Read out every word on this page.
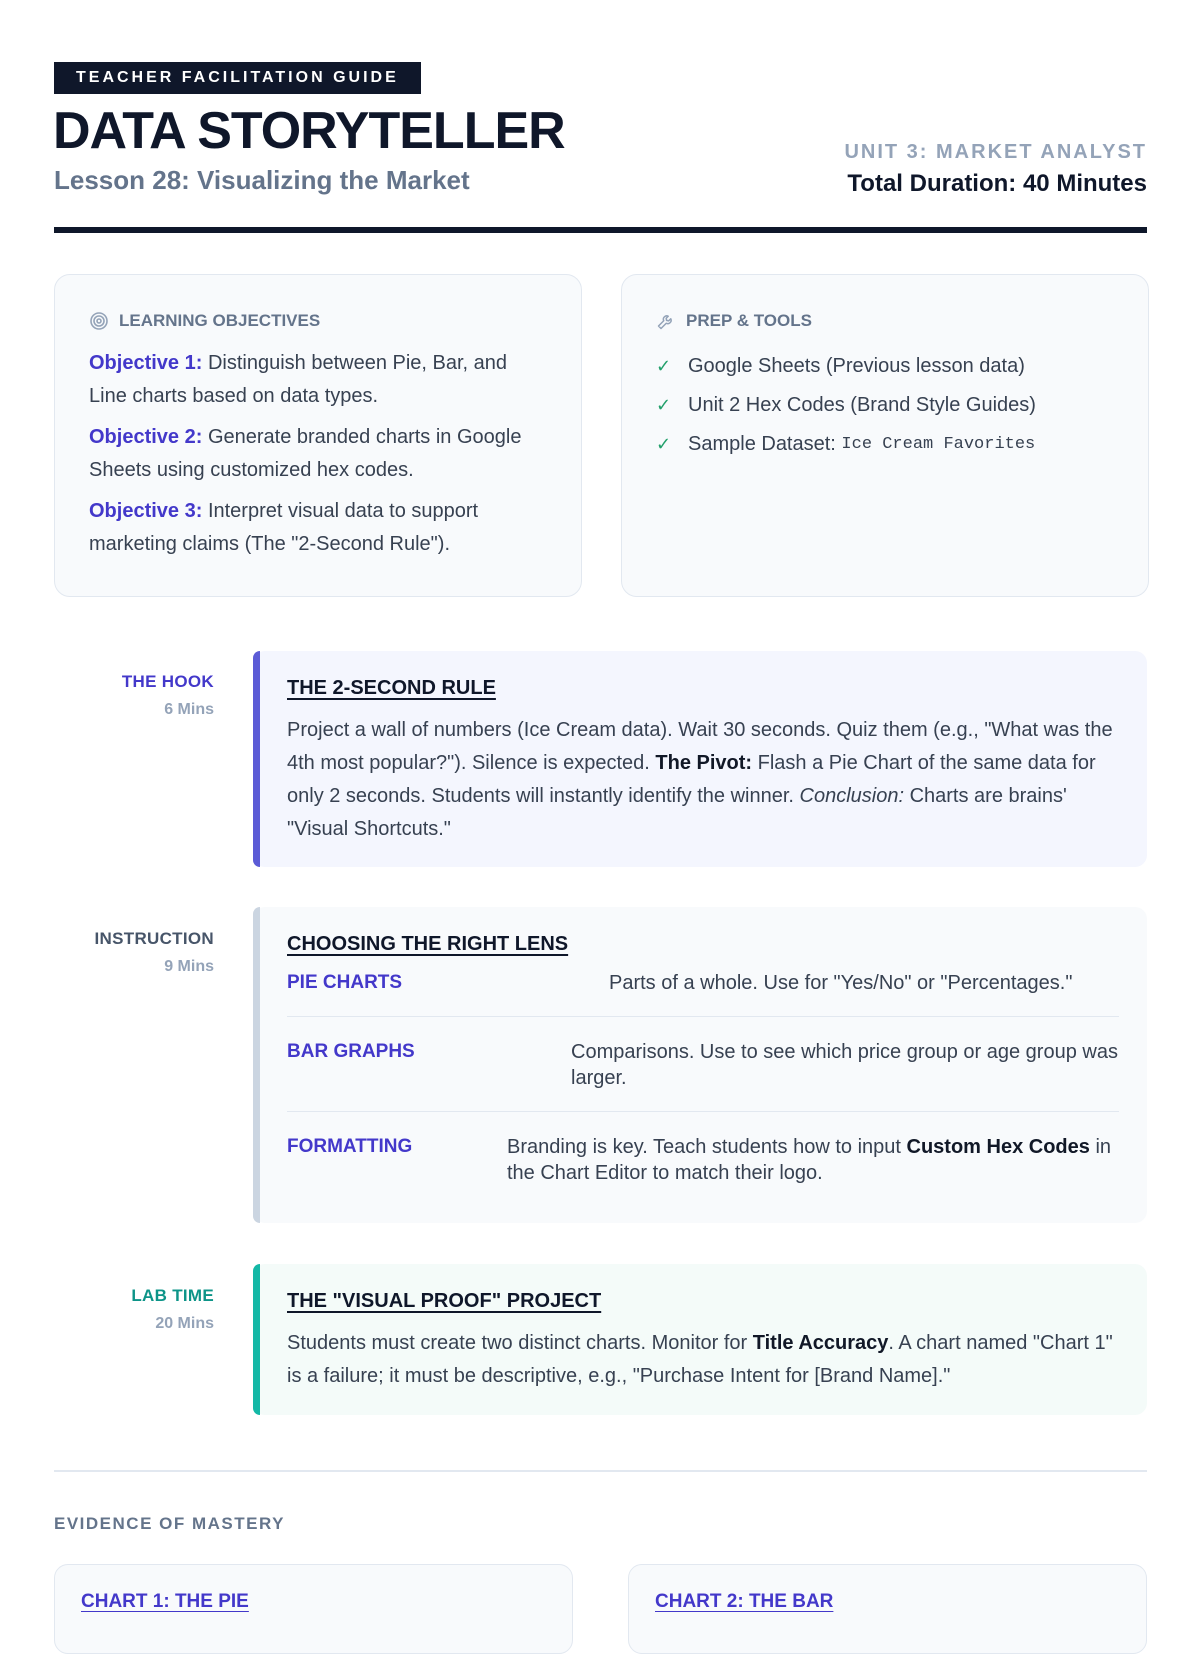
TEACHER FACILITATION GUIDE
DATA STORYTELLER
Lesson 28: Visualizing the Market
UNIT 3: MARKET ANALYST
Total Duration: 40 Minutes
LEARNING OBJECTIVES

Objective 1: Distinguish between Pie, Bar, and Line charts based on data types.

Objective 2: Generate branded charts in Google Sheets using customized hex codes.

Objective 3: Interpret visual data to support marketing claims (The "2-Second Rule").

PREP & TOOLS
✓ Google Sheets (Previous lesson data)
✓ Unit 2 Hex Codes (Brand Style Guides)
✓ Sample Dataset:
Ice Cream Favorites
THE HOOK
6 Mins
THE 2-SECOND RULE

Project a wall of numbers (Ice Cream data). Wait 30 seconds. Quiz them (e.g., "What was the 4th most popular?"). Silence is expected. The Pivot: Flash a Pie Chart of the same data for only 2 seconds. Students will instantly identify the winner. Conclusion: Charts are brains' "Visual Shortcuts."

INSTRUCTION
9 Mins
CHOOSING THE RIGHT LENS
PIE CHARTS	Parts of a whole. Use for "Yes/No" or "Percentages."
BAR GRAPHS	Comparisons. Use to see which price group or age group was larger.
FORMATTING	Branding is key. Teach students how to input Custom Hex Codes in the Chart Editor to match their logo.
LAB TIME
20 Mins
THE "VISUAL PROOF" PROJECT

Students must create two distinct charts. Monitor for Title Accuracy. A chart named "Chart 1" is a failure; it must be descriptive, e.g., "Purchase Intent for [Brand Name]."

EVIDENCE OF MASTERY
CHART 1: THE PIE	CHART 2: THE BAR
